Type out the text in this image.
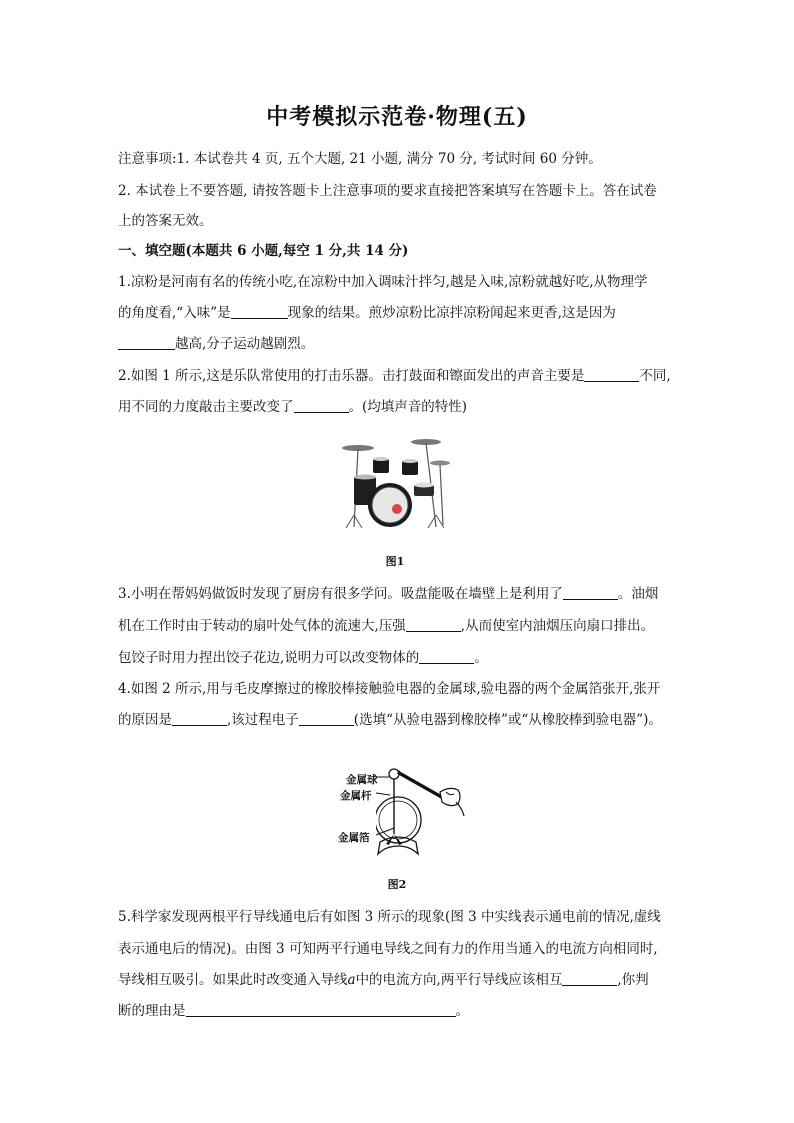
中考模拟示范卷·物理(五)
注意事项:1. 本试卷共 4 页, 五个大题, 21 小题, 满分 70 分, 考试时间 60 分钟。
2. 本试卷上不要答题, 请按答题卡上注意事项的要求直接把答案填写在答题卡上。答在试卷
上的答案无效。
一、填空题(本题共 6 小题,每空 1 分,共 14 分)
1.凉粉是河南有名的传统小吃,在凉粉中加入调味汁拌匀,越是入味,凉粉就越好吃,从物理学
的角度看,“入味”是	现象的结果。煎炒凉粉比凉拌凉粉闻起来更香,这是因为
越高,分子运动越剧烈。
2.如图 1 所示,这是乐队常使用的打击乐器。击打鼓面和镲面发出的声音主要是	不同,
用不同的力度敲击主要改变了	。(均填声音的特性)
图1
3.小明在帮妈妈做饭时发现了厨房有很多学问。吸盘能吸在墙壁上是利用了	。油烟
机在工作时由于转动的扇叶处气体的流速大,压强	,从而使室内油烟压向扇口排出。
包饺子时用力捏出饺子花边,说明力可以改变物体的	。
4.如图 2 所示,用与毛皮摩擦过的橡胶棒接触验电器的金属球,验电器的两个金属箔张开,张开
的原因是	,该过程电子	(选填“从验电器到橡胶棒”或“从橡胶棒到验电器”)。
金属球
金属杆
金属箔
图2
5.科学家发现两根平行导线通电后有如图 3 所示的现象(图 3 中实线表示通电前的情况,虚线
表示通电后的情况)。由图 3 可知两平行通电导线之间有力的作用当通入的电流方向相同时,
导线相互吸引。如果此时改变通入导线a中的电流方向,两平行导线应该相互	,你判
断的理由是	。
